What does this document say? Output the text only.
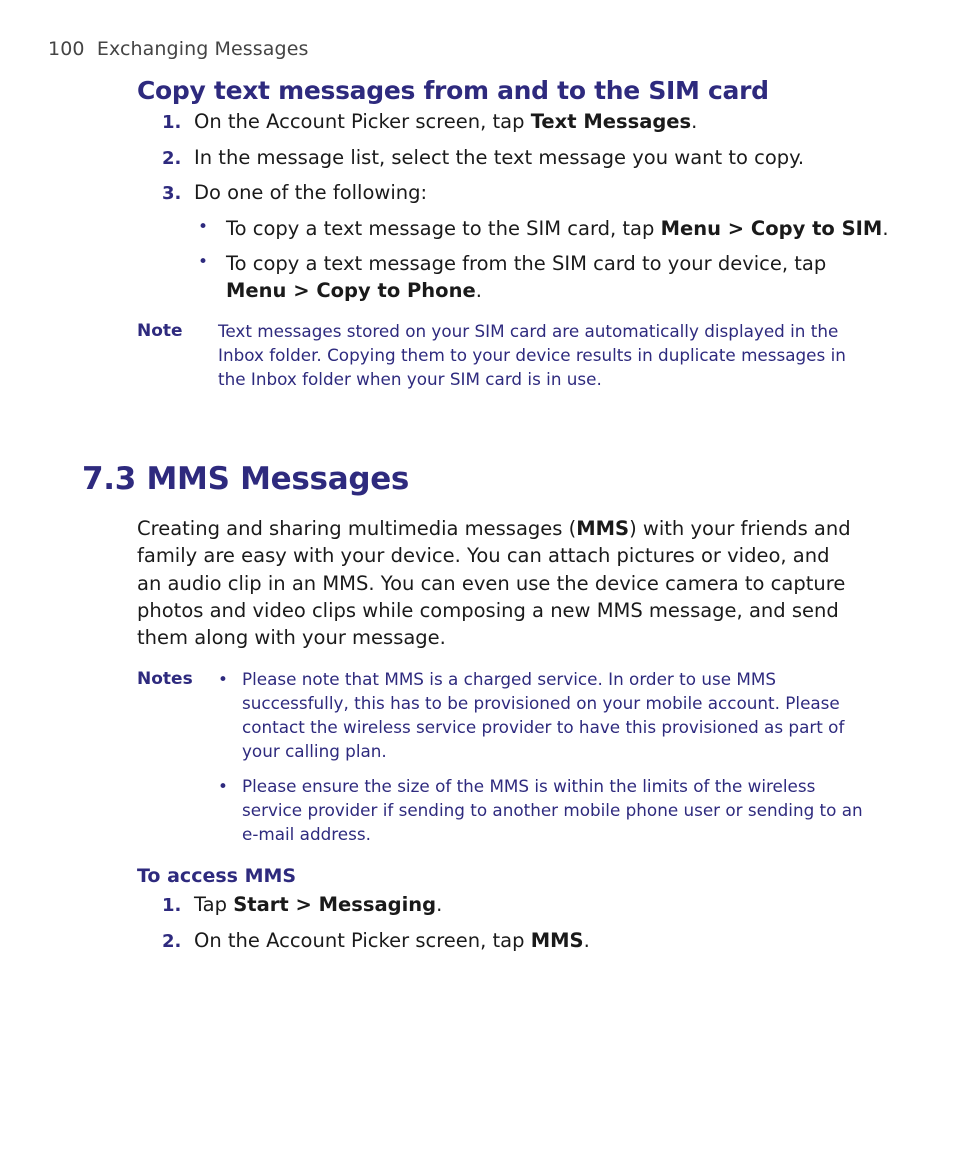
100 Exchanging Messages
Copy text messages from and to the SIM card
1. On the Account Picker screen, tap Text Messages.
2. In the message list, select the text message you want to copy.
3. Do one of the following:
• To copy a text message to the SIM card, tap Menu > Copy to SIM.
• To copy a text message from the SIM card to your device, tap
Menu > Copy to Phone.
Note Text messages stored on your SIM card are automatically displayed in the
Inbox folder. Copying them to your device results in duplicate messages in
the Inbox folder when your SIM card is in use.
7.3 MMS Messages
Creating and sharing multimedia messages (MMS) with your friends and
family are easy with your device. You can attach pictures or video, and
an audio clip in an MMS. You can even use the device camera to capture
photos and video clips while composing a new MMS message, and send
them along with your message.
Notes • Please note that MMS is a charged service. In order to use MMS
successfully, this has to be provisioned on your mobile account. Please
contact the wireless service provider to have this provisioned as part of
your calling plan.
• Please ensure the size of the MMS is within the limits of the wireless
service provider if sending to another mobile phone user or sending to an
e-mail address.
To access MMS
1. Tap Start > Messaging.
2. On the Account Picker screen, tap MMS.
